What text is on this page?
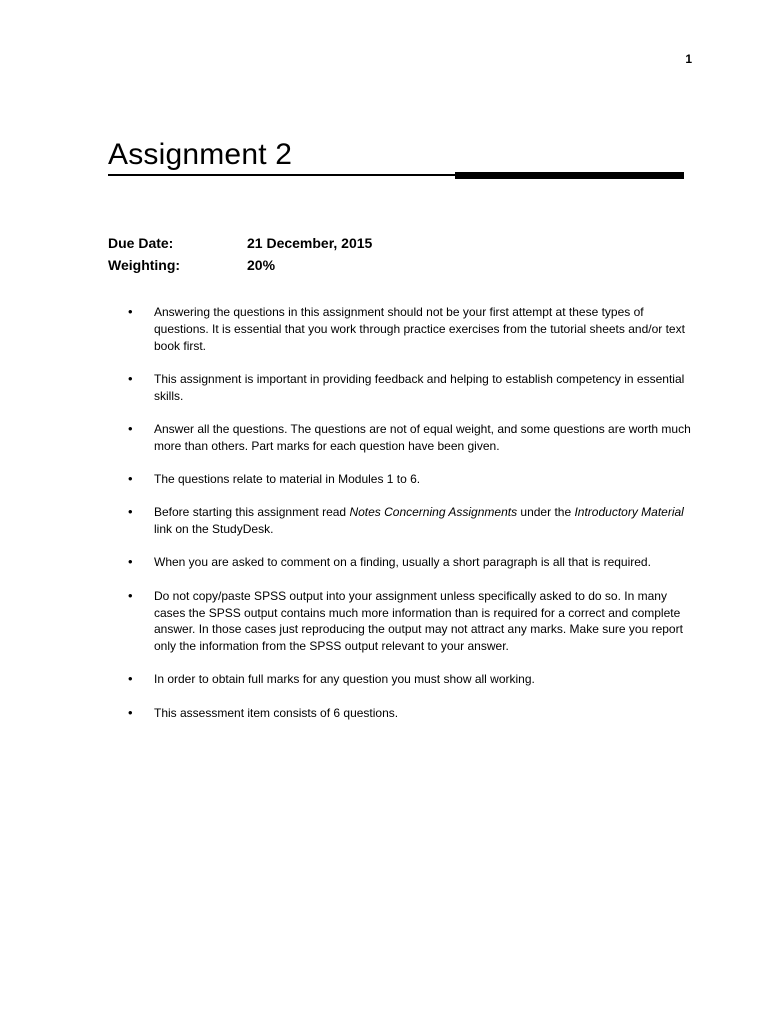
1
Assignment 2
Due Date:	21 December, 2015
Weighting:	20%
•	Answering the questions in this assignment should not be your first attempt at these types of questions. It is essential that you work through practice exercises from the tutorial sheets and/or text book first.
•	This assignment is important in providing feedback and helping to establish competency in essential skills.
•	Answer all the questions. The questions are not of equal weight, and some questions are worth much more than others. Part marks for each question have been given.
•	The questions relate to material in Modules 1 to 6.
•	Before starting this assignment read Notes Concerning Assignments under the Introductory Material link on the StudyDesk.
•	When you are asked to comment on a finding, usually a short paragraph is all that is required.
•	Do not copy/paste SPSS output into your assignment unless specifically asked to do so. In many cases the SPSS output contains much more information than is required for a correct and complete answer. In those cases just reproducing the output may not attract any marks. Make sure you report only the information from the SPSS output relevant to your answer.
•	In order to obtain full marks for any question you must show all working.
•	This assessment item consists of 6 questions.
